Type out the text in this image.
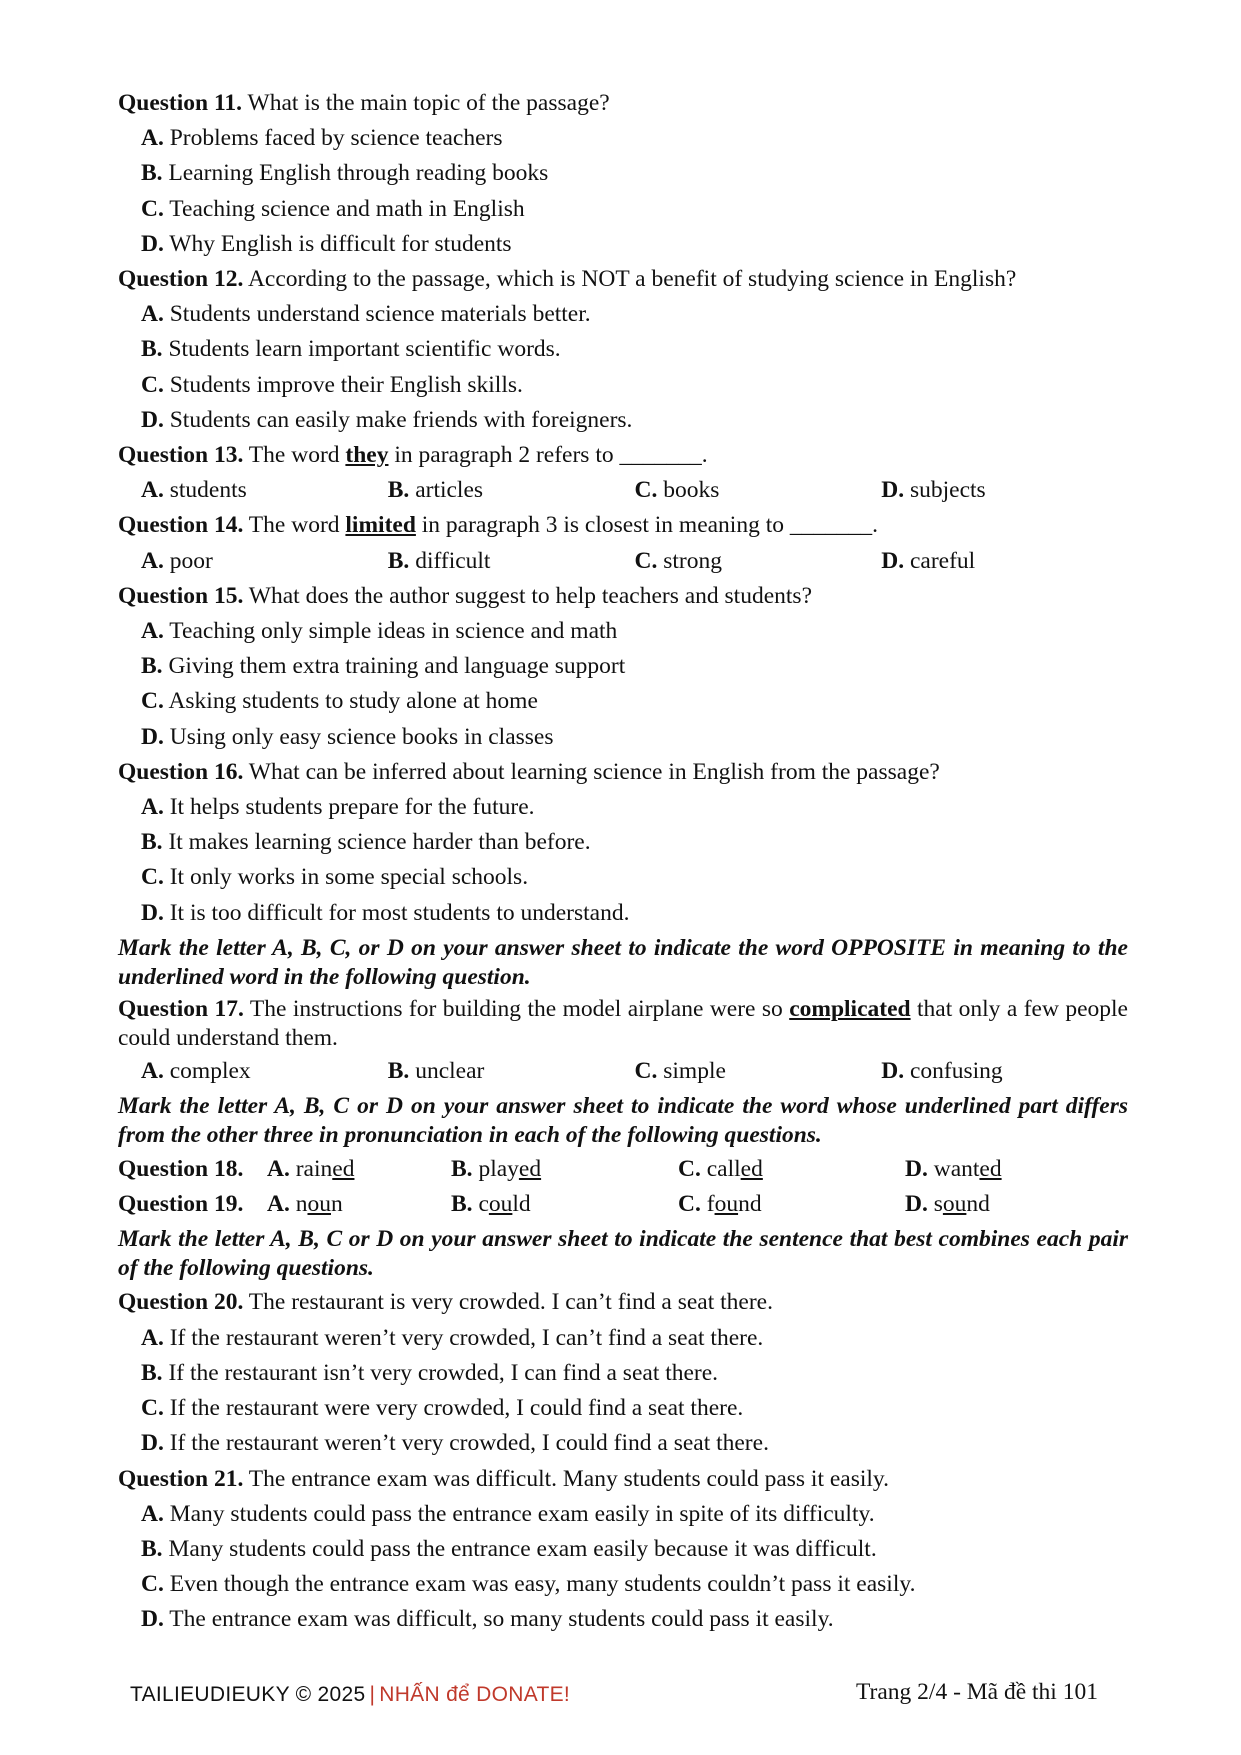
Question 11. What is the main topic of the passage?

A. Problems faced by science teachers

B. Learning English through reading books

C. Teaching science and math in English

D. Why English is difficult for students

Question 12. According to the passage, which is NOT a benefit of studying science in English?

A. Students understand science materials better.

B. Students learn important scientific words.

C. Students improve their English skills.

D. Students can easily make friends with foreigners.

Question 13. The word they in paragraph 2 refers to _______.

A. students	B. articles	C. books	D. subjects

Question 14. The word limited in paragraph 3 is closest in meaning to _______.

A. poor	B. difficult	C. strong	D. careful

Question 15. What does the author suggest to help teachers and students?

A. Teaching only simple ideas in science and math

B. Giving them extra training and language support

C. Asking students to study alone at home

D. Using only easy science books in classes

Question 16. What can be inferred about learning science in English from the passage?

A. It helps students prepare for the future.

B. It makes learning science harder than before.

C. It only works in some special schools.

D. It is too difficult for most students to understand.

Mark the letter A, B, C, or D on your answer sheet to indicate the word OPPOSITE in meaning to the underlined word in the following question.

Question 17. The instructions for building the model airplane were so complicated that only a few people could understand them.

A. complex	B. unclear	C. simple	D. confusing

Mark the letter A, B, C or D on your answer sheet to indicate the word whose underlined part differs from the other three in pronunciation in each of the following questions.

Question 18.	A. rained	B. played	C. called	D. wanted
Question 19.	A. noun	B. could	C. found	D. sound

Mark the letter A, B, C or D on your answer sheet to indicate the sentence that best combines each pair of the following questions.

Question 20. The restaurant is very crowded. I can’t find a seat there.

A. If the restaurant weren’t very crowded, I can’t find a seat there.

B. If the restaurant isn’t very crowded, I can find a seat there.

C. If the restaurant were very crowded, I could find a seat there.

D. If the restaurant weren’t very crowded, I could find a seat there.

Question 21. The entrance exam was difficult. Many students could pass it easily.

A. Many students could pass the entrance exam easily in spite of its difficulty.

B. Many students could pass the entrance exam easily because it was difficult.

C. Even though the entrance exam was easy, many students couldn’t pass it easily.

D. The entrance exam was difficult, so many students could pass it easily.

TAILIEUDIEUKY © 2025 | NHẤN để DONATE!	Trang 2/4 - Mã đề thi 101
